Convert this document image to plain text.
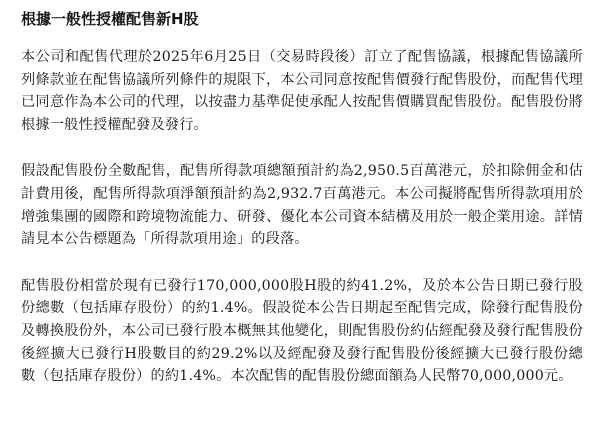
根據一般性授權配售新H股

本公司和配售代理於2025年6月25日（交易時段後）訂立了配售協議，根據配售協議所列條款並在配售協議所列條件的規限下，本公司同意按配售價發行配售股份，而配售代理已同意作為本公司的代理，以按盡力基準促使承配人按配售價購買配售股份。配售股份將根據一般性授權配發及發行。

假設配售股份全數配售，配售所得款項總額預計約為2,950.5百萬港元，於扣除佣金和估計費用後，配售所得款項淨額預計約為2,932.7百萬港元。本公司擬將配售所得款項用於增強集團的國際和跨境物流能力、研發、優化本公司資本結構及用於一般企業用途。詳情請見本公告標題為「所得款項用途」的段落。

配售股份相當於現有已發行170,000,000股H股的約41.2%，及於本公告日期已發行股份總數（包括庫存股份）的約1.4%。假設從本公告日期起至配售完成，除發行配售股份及轉換股份外，本公司已發行股本概無其他變化，則配售股份約佔經配發及發行配售股份後經擴大已發行H股數目的約29.2%以及經配發及發行配售股份後經擴大已發行股份總數（包括庫存股份）的約1.4%。本次配售的配售股份總面額為人民幣70,000,000元。
